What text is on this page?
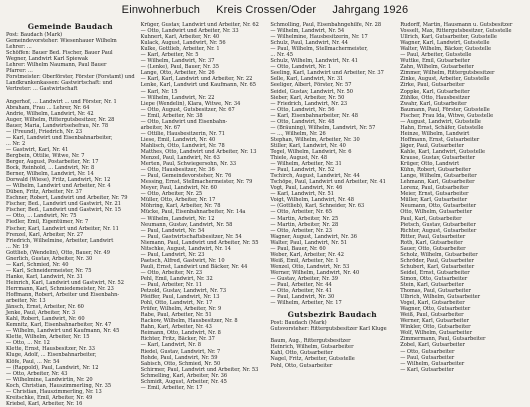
Einwohnerbuch Kreis Crossen/Oder Jahrgang 1926
Gemeinde Baudach
Post: Baudach (Mark)
Gemeindevorsteher: Wiesenhauer Wilhelm
Lehrer: ...
Schöffen: Bauer Bed. Fischer, Bauer Paul
Wegner, Landwirt Karl Spiewak
Lehrer: Wilhelm Naumann, Paul Bauer
Pfarrer: ...
Forstmeister: Oberförster, Förster (Forstamt) und
Landkrankenkassen: Gastwirtschaft: und
Vertreter: ... Gastwirtschaft

Angerhof, ... Landwirt ... und Förster, Nr. 1
Abraham, Frau ... Lehrer, Nr. 64
Andrie, Wilhelm, Landwirt, Nr. 42
Auger, Wilhelm, Rittergutsbesitzer, Nr. 28
Bauer, Maria, Landwirtsehefrau, Nr. 78
— (Freund), Friedrich, Nr. 23
— Karl, Landwirt und Eisenbahnarbeiter,
... Nr. 2
— Gastwirt, Karl, Nr. 41
Bergbein, Ottilie, Witwe, Nr. 7
Berger, August, Postarbeiter, Nr. 17
Bock, Reinhold, ... Landwirt, Nr. 8
Berner, Wilhelm, Landwirt, Nr. 14
Dorwald (Wiese), Fritz, Landwirt, Nr. 12
— Wilhelm, Landwirt und Arbeiter, Nr. 4
Düben, Fritz, Arbeiter, Nr. 37
Eschner, Robert, Landwirt und Arbeiter, Nr. 79
Fischer, Bed., Landwirt und Gastwirt, Nr. 21
Fischer, Bed., Landwirt und Gastwirt, Nr. 15
— Otto, ... Landwirt, Nr. 75
Fiedler, Emil, Eigentümer, Nr. 7
Fischer, Karl, Landwirt und Arbeiter, Nr. 11
Frenzel, Karl, Arbeiter, Nr. 27
Friedrich, Wilhelmine, Arbeiter, Landwirt
... Nr. 19
Gottlieb, (Wendelin), Otto, Bauer, Nr. 49
Gnerlich, Gustav, Arbeiter, Nr. 30
— Karl, Schmied, Nr. 40
— Karl, Schneidermeister, Nr. 75
Hanke, Karl, Landwirt, Nr. 31
Heinrich, Karl, Landwirt und Gastwirt, Nr. 52
Herrmann, Karl, Schmiedemeister, Nr. 23
Hoffmann, Robert, Arbeiter und Eisenbahn-
arbeiter, Nr. 13
Jänsch, Ernst, Arbeiter, Nr. 60
Jenke, Paul, Arbeiter, Nr. 3
Kahl, Robert, Landwirt, Nr. 60
Kemnitz, Karl, Eisenbahnarbeiter, Nr. 47
— Wilhelm, Landwirt und Kaufmann, Nr. 45
Klette, Wilhelm, Arbeiter, Nr. 15
— Otto, ... Nr. 12
Klette, Ernst, Hausbesitzer, Nr. 33
Kluge, Adolf, ... Eisenbahnarbeiter,
Klöfe, Paul, ... Nr. 54
— (Rappold), Paul, Landwirt, Nr. 12
— Otto, Arbeiter, Nr. 43
— Wilhelmine, Landwirtin, Nr. 20
Koch, Christian, Hauszimmerling, Nr. 35
— Christian, Hauszimmerling, Nr. 13
Kreitschke, Emil, Arbeiter, Nr. 49
Kriebel, Karl, Arbeiter, Nr. 16
Krüger, Gustav, Landwirt und Arbeiter, Nr. 62
— Otto, Landwirt und Arbeiter, Nr. 33
Kuhnert, Karl, Arbeiter, Nr. 40
Kulack, August, Landwirt, Nr. 56
Kulke, Gottlieb, Arbeiter, Nr. 1
— Karl, Arbeiter, Nr. 5
— Wilhelm, Landwirt, Nr. 37
— (Lenke), Paul, Bauer, Nr. 35
Lange, Otto, Arbeiter, Nr. 26
— Karl, Karl, Landwirt und Arbeiter, Nr. 22
Lenke, Karl, Landwirt und Kaufmann, Nr. 65
— Karl, Nr. 15
— Wilhelm, Landwirt, Nr. 22
Liepe (Wendelin), Klara, Witwe, Nr. 34
— Otto, August, Gutsbesitzer, Nr. 67
— Emil, Arbeiter, Nr. 38
— Otto, Landwirt und Eisenbahn-
arbeiter, Nr. 67
— Ottilie, Hausbesitzerin, Nr. 71
Liese, Emil, Landwirt, Nr. 40
Mahlisch, Otto, Landwirt, Nr. 78
Matthes, Otto, Landwirt und Arbeiter, Nr. 13
Menzel, Paul, Landwirt, Nr. 63
Merten, Paul, Schwiegersohn, Nr. 33
— Otto, Hausbesitzer, Nr. 36
— Paul, Gemeindevorsteher, Nr. 76
Messing, Ernst, Stellmachermeister, Nr. 79
Meyer, Paul, Landwirt, Nr. 60
— Otto, Arbeiter, Nr. 25
Müller, Otto, Arbeiter, Nr. 17
Möhring, Karl, Arbeiter, Nr. 78
Mücke, Paul, Eisenbahnarbeiter, Nr. 14a
— Wilhelm, Landwirt, Nr. 12
Neumann, Gustav, Landwirt, Nr. 58
— Paul, Landwirt, Nr. 54
— Paul, Gastwirtschaftsbesitzer, Nr. 54
Niemann, Paul, Landwirt und Arbeiter, Nr. 55
Nitschke, August, Landwirt, Nr. 14
— Paul, Landwirt, Nr. 23
Paetsch, Alfred, Gastwirt, Nr. 10
Pauli, Ernst, Landwirt und Bäcker, Nr. 44
— Otto, Arbeiter, Nr. 23
Pehl, Emil, Landwirt, Nr. 32
— Paul, Arbeiter, Nr. 11
Petzold, Gustav, Landwirt, Nr. 73
Pfeiffer, Paul, Landwirt, Nr. 13
Pohl, Otto, Landwirt, Nr. 17
Prüfer, Wilhelm, Arbeiter, Nr. 9
Rabe, Paul, Arbeiter, Nr. 51
Rackow, Wilhelm, Hausbesitzer, Nr. 8
Rahn, Karl, Arbeiter, Nr. 43
Reimann, Otto, Landwirt, Nr. 8
Richter, Fritz, Bäcker, Nr. 37
— Karl, Landwirt, Nr. 8
Riedel, Gustav, Landwirt, Nr. 7
Rohde, Paul, Landwirt, Nr. 59
Sabisch, Otto, Schmied, Nr. 50
Schirmer, Paul, Landwirt und Arbeiter, Nr. 53
Schmelling, Karl, Arbeiter, Nr. 36
Schmidt, August, Arbeiter, Nr. 45
— Emil, Arbeiter, Nr. 17
Schmolling, Paul, Eisenbahngehilfe, Nr. 28
— Wilhelm, Landwirt, Nr. 54
— Wilhelmine, Hausbesitzerin, Nr. 17
Schulz, Paul, Landwirt, Nr. 44
— Paul, Wilhelm, Stellmachermeister,
... Nr. 45
Schulz, Wilhelm, Landwirt, Nr. 41
— Otto, Landwirt, Nr. 1
Seeling, Karl, Landwirt und Arbeiter, Nr. 37
Selle, Karl, Landwirt, Nr. 31
Seeliger, Albert, Förster, Nr. 57
Seidel, Gustav, Landwirt, Nr. 50
Sieber, Karl, Arbeiter, Nr. 50
— Friedrich, Landwirt, Nr. 23
— Otto, Landwirt, Nr. 56
— Karl, Eisenbahnarbeiter, Nr. 48
— Otto, Landwirt, Nr. 48
— (Bräuning), Wilhelm, Landwirt, Nr. 57
— ..., Wilhelm, Nr. 26
Stephan, Wilhelm, Arbeiter, Nr. 30
Stiller, Karl, Landwirt, Nr. 40
Tegel, Wilhelm, Landwirt, Nr. 6
Thiele, August, Nr. 48
— Wilhelm, Arbeiter, Nr. 31
— Paul, Landwirt, Nr. 52
Tschirch, August, Landwirt, Nr. 44
Tschöpe, Paul, Landwirt und Arbeiter, Nr. 41
Vogt, Paul, Landwirt, Nr. 46
— Karl, Landwirt, Nr. 51
Voigt, Wilhelm, Landwirt, Nr. 48
— (Gottlieb), Karl, Schneider, Nr. 63
— Otto, Arbeiter, Nr. 65
— Martin, Arbeiter, Nr. 25
— Martin, Arbeiter, Nr. 28
— Otto, Arbeiter, Nr. 23
Wagner, August, Landwirt, Nr. 36
Walter, Paul, Landwirt, Nr. 51
— Paul, Bauer, Nr. 60
Weber, Karl, Arbeiter, Nr. 42
Weiß, Emil, Arbeiter, Nr. 1
Wenzel, Otto, Landwirt, Nr. 53
Werner, Wilhelm, Landwirt, Nr. 40
— Gustav, Arbeiter, Nr. 39
— Paul, Arbeiter, Nr. 44
— Otto, Arbeiter, Nr. 41
— Paul, Landwirt, Nr. 30
— Wilhelm, Arbeiter, Nr. 17
Gutsbezirk Baudach
Post: Baudach (Mark)
Gutsvorsteher: Rittergutsbesitzer Karl Kluge

Baum, Aug., Rittergutsbesitzer
Heinrich, Wilhelm, Gutsarbeiter
Kahl, Otto, Gutsarbeiter
Nagel, Fritz, Arbeiter, Gutsstelle
Pohl, Otto, Gutsarbeiter
Rudorff, Martin, Hausmann u. Gutsbesitzer
Vosselt, Max, Rittergutsbesitzer, Gutsstelle
Ullrich, Karl, Gutsarbeiter, Gutsstelle
Wagner, Karl, Landwirt, Gutsstelle
Walter, Wilhelm, Bäcker, Gutsstelle
— Paul, Arbeiter, Gutsstelle
Wuttke, Emil, Gutsarbeiter
Zahn, Wilhelm, Gutsarbeiter
Zimmer, Wilhelm, Rittergutsbesitzer
Zinke, August, Arbeiter, Gutsstelle
Zirke, Paul, Gutsarbeiter
Zoppke, Karl, Gutsarbeiter
Zühlke, Otto, Hausbesitzer
Zwahr, Karl, Gutsarbeiter
Baumann, Paul, Förster, Gutsstelle
Fischer, Frau Ida, Witwe, Gutsstelle
— August, Landwirt, Gutsstelle
Hahn, Ernst, Schäfer, Gutsstelle
Heinze, Wilhelm, Landwirt
Hoffmann, Ernst, Gutsarbeiter
Jäger, Paul, Gutsarbeiter
Kahle, Karl, Landwirt, Gutsstelle
Krause, Gustav, Gutsarbeiter
Krüger, Otto, Landwirt
Kühn, Robert, Gutsarbeiter
Lange, Wilhelm, Gutsarbeiter
Lehmann, Karl, Gutsarbeiter
Lorenz, Paul, Gutsarbeiter
Meier, Ernst, Gutsarbeiter
Müller, Karl, Gutsarbeiter
Neumann, Otto, Gutsarbeiter
Otto, Wilhelm, Gutsarbeiter
Paul, Karl, Gutsarbeiter
Pietsch, Gustav, Gutsarbeiter
Richter, August, Gutsarbeiter
Ritter, Paul, Gutsarbeiter
Roth, Karl, Gutsarbeiter
Sauer, Otto, Gutsarbeiter
Scholz, Wilhelm, Gutsarbeiter
Schröder, Paul, Gutsarbeiter
Schubert, Karl, Gutsarbeiter
Seidel, Ernst, Gutsarbeiter
Simon, Otto, Gutsarbeiter
Stein, Karl, Gutsarbeiter
Thomas, Paul, Gutsarbeiter
Ulbrich, Wilhelm, Gutsarbeiter
Vogel, Karl, Gutsarbeiter
Wagner, Otto, Gutsarbeiter
Weiß, Paul, Gutsarbeiter
Werner, Karl, Gutsarbeiter
Winkler, Otto, Gutsarbeiter
Wolf, Wilhelm, Gutsarbeiter
Zimmermann, Paul, Gutsarbeiter
Zobel, Karl, Gutsarbeiter
— Otto, Gutsarbeiter
— Paul, Gutsarbeiter
— Wilhelm, Gutsarbeiter
— Karl, Gutsarbeiter
